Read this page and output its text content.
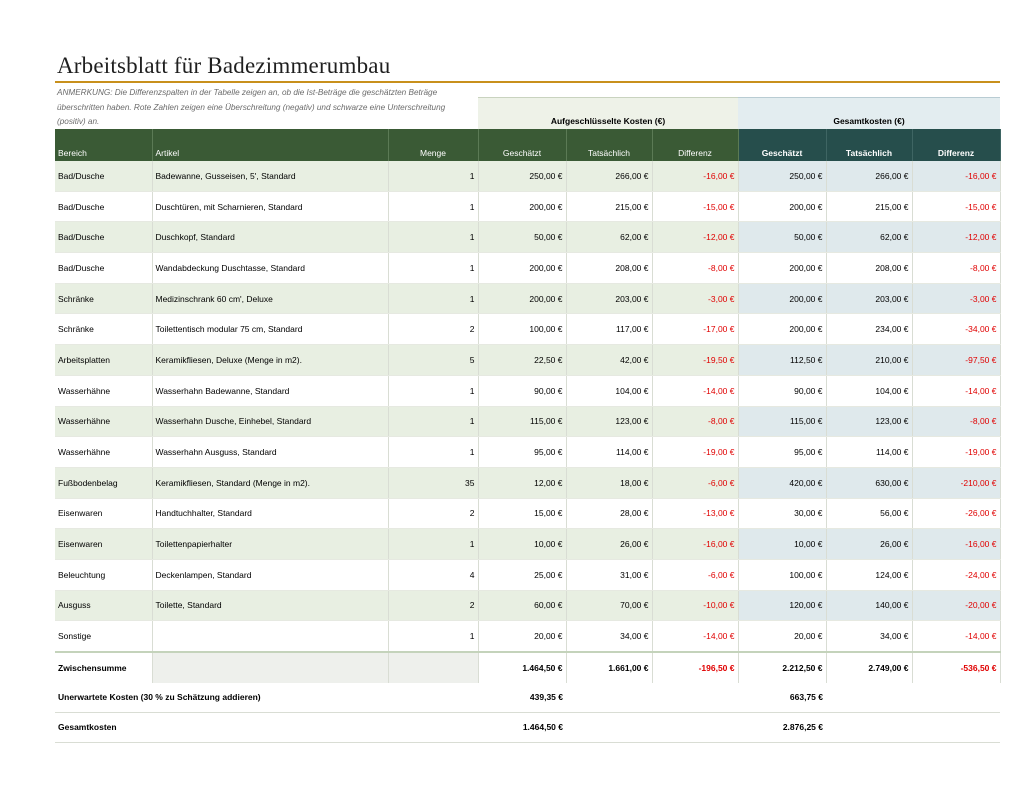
Arbeitsblatt für Badezimmerumbau
ANMERKUNG: Die Differenzspalten in der Tabelle zeigen an, ob die Ist-Beträge die geschätzten Beträge überschritten haben. Rote Zahlen zeigen eine Überschreitung (negativ) und schwarze eine Unterschreitung (positiv) an.
			Aufgeschlüsselte Kosten (€)			Gesamtkosten (€)		
Bereich	Artikel	Menge	Geschätzt	Tatsächlich	Differenz	Geschätzt	Tatsächlich	Differenz
Bad/Dusche	Badewanne, Gusseisen, 5', Standard	1	250,00 €	266,00 €	-16,00 €	250,00 €	266,00 €	-16,00 €
Bad/Dusche	Duschtüren, mit Scharnieren, Standard	1	200,00 €	215,00 €	-15,00 €	200,00 €	215,00 €	-15,00 €
Bad/Dusche	Duschkopf, Standard	1	50,00 €	62,00 €	-12,00 €	50,00 €	62,00 €	-12,00 €
Bad/Dusche	Wandabdeckung Duschtasse, Standard	1	200,00 €	208,00 €	-8,00 €	200,00 €	208,00 €	-8,00 €
Schränke	Medizinschrank 60 cm', Deluxe	1	200,00 €	203,00 €	-3,00 €	200,00 €	203,00 €	-3,00 €
Schränke	Toilettentisch modular 75 cm, Standard	2	100,00 €	117,00 €	-17,00 €	200,00 €	234,00 €	-34,00 €
Arbeitsplatten	Keramikfliesen, Deluxe (Menge in m2).	5	22,50 €	42,00 €	-19,50 €	112,50 €	210,00 €	-97,50 €
Wasserhähne	Wasserhahn Badewanne, Standard	1	90,00 €	104,00 €	-14,00 €	90,00 €	104,00 €	-14,00 €
Wasserhähne	Wasserhahn Dusche, Einhebel, Standard	1	115,00 €	123,00 €	-8,00 €	115,00 €	123,00 €	-8,00 €
Wasserhähne	Wasserhahn Ausguss, Standard	1	95,00 €	114,00 €	-19,00 €	95,00 €	114,00 €	-19,00 €
Fußbodenbelag	Keramikfliesen, Standard (Menge in m2).	35	12,00 €	18,00 €	-6,00 €	420,00 €	630,00 €	-210,00 €
Eisenwaren	Handtuchhalter, Standard	2	15,00 €	28,00 €	-13,00 €	30,00 €	56,00 €	-26,00 €
Eisenwaren	Toilettenpapierhalter	1	10,00 €	26,00 €	-16,00 €	10,00 €	26,00 €	-16,00 €
Beleuchtung	Deckenlampen, Standard	4	25,00 €	31,00 €	-6,00 €	100,00 €	124,00 €	-24,00 €
Ausguss	Toilette, Standard	2	60,00 €	70,00 €	-10,00 €	120,00 €	140,00 €	-20,00 €
Sonstige		1	20,00 €	34,00 €	-14,00 €	20,00 €	34,00 €	-14,00 €
Zwischensumme			1.464,50 €	1.661,00 €	-196,50 €	2.212,50 €	2.749,00 €	-536,50 €
Unerwartete Kosten (30 % zu Schätzung addieren)			439,35 €			663,75 €		
Gesamtkosten			1.464,50 €			2.876,25 €		
